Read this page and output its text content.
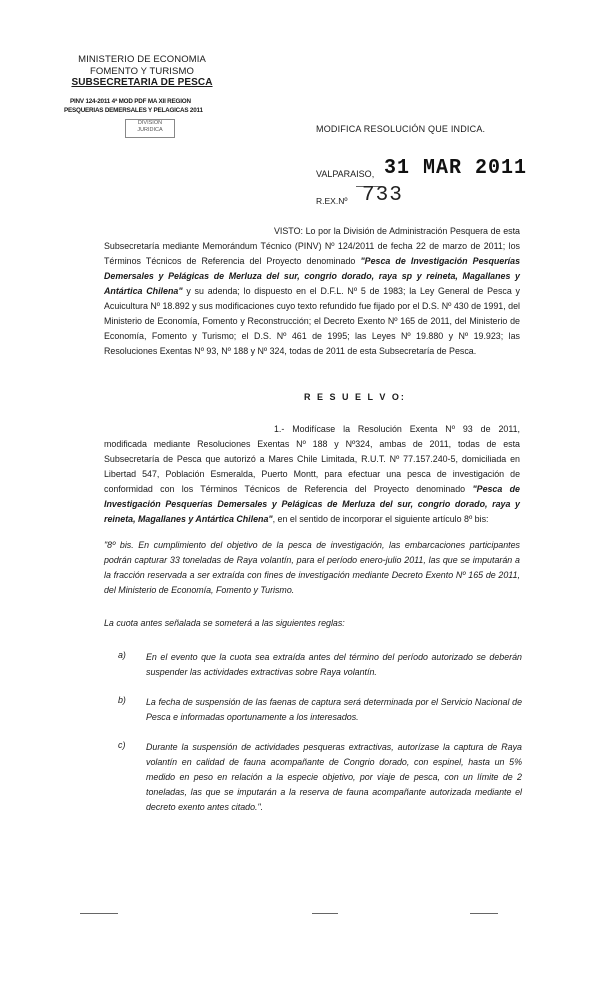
MINISTERIO DE ECONOMIA
FOMENTO Y TURISMO
SUBSECRETARIA DE PESCA
PINV 124-2011 4ª MOD PDF MA XII REGION
PESQUERIAS DEMERSALES Y PELAGICAS 2011
DIVISION
JURIDICA	MODIFICA RESOLUCIÓN QUE INDICA.
VALPARAISO, 31 MAR 2011
R.EX.Nº 733
VISTO: Lo por la División de Administración Pesquera de esta Subsecretaría mediante Memorándum Técnico (PINV) Nº 124/2011 de fecha 22 de marzo de 2011; los Términos Técnicos de Referencia del Proyecto denominado "Pesca de Investigación Pesquerías Demersales y Pelágicas de Merluza del sur, congrio dorado, raya sp y reineta, Magallanes y Antártica Chilena" y su adenda; lo dispuesto en el D.F.L. Nº 5 de 1983; la Ley General de Pesca y Acuicultura Nº 18.892 y sus modificaciones cuyo texto refundido fue fijado por el D.S. Nº 430 de 1991, del Ministerio de Economía, Fomento y Reconstrucción; el Decreto Exento Nº 165 de 2011, del Ministerio de Economía, Fomento y Turismo; el D.S. Nº 461 de 1995; las Leyes Nº 19.880 y Nº 19.923; las Resoluciones Exentas Nº 93, Nº 188 y Nº 324, todas de 2011 de esta Subsecretaría de Pesca.
R E S U E L V O:
1.- Modifícase la Resolución Exenta Nº 93 de 2011, modificada mediante Resoluciones Exentas Nº 188 y Nº324, ambas de 2011, todas de esta Subsecretaría de Pesca que autorizó a Mares Chile Limitada, R.U.T. Nº 77.157.240-5, domiciliada en Libertad 547, Población Esmeralda, Puerto Montt, para efectuar una pesca de investigación de conformidad con los Términos Técnicos de Referencia del Proyecto denominado "Pesca de Investigación Pesquerías Demersales y Pelágicas de Merluza del sur, congrio dorado, raya y reineta, Magallanes y Antártica Chilena", en el sentido de incorporar el siguiente artículo 8º bis:
"8º bis. En cumplimiento del objetivo de la pesca de investigación, las embarcaciones participantes podrán capturar 33 toneladas de Raya volantín, para el período enero-julio 2011, las que se imputarán a la fracción reservada a ser extraída con fines de investigación mediante Decreto Exento Nº 165 de 2011, del Ministerio de Economía, Fomento y Turismo.
La cuota antes señalada se someterá a las siguientes reglas:
a) En el evento que la cuota sea extraída antes del término del período autorizado se deberán suspender las actividades extractivas sobre Raya volantín.
b) La fecha de suspensión de las faenas de captura será determinada por el Servicio Nacional de Pesca e informadas oportunamente a los interesados.
c) Durante la suspensión de actividades pesqueras extractivas, autorízase la captura de Raya volantín en calidad de fauna acompañante de Congrio dorado, con espinel, hasta un 5% medido en peso en relación a la especie objetivo, por viaje de pesca, con un límite de 2 toneladas, las que se imputarán a la reserva de fauna acompañante autorizada mediante el decreto exento antes citado.".
